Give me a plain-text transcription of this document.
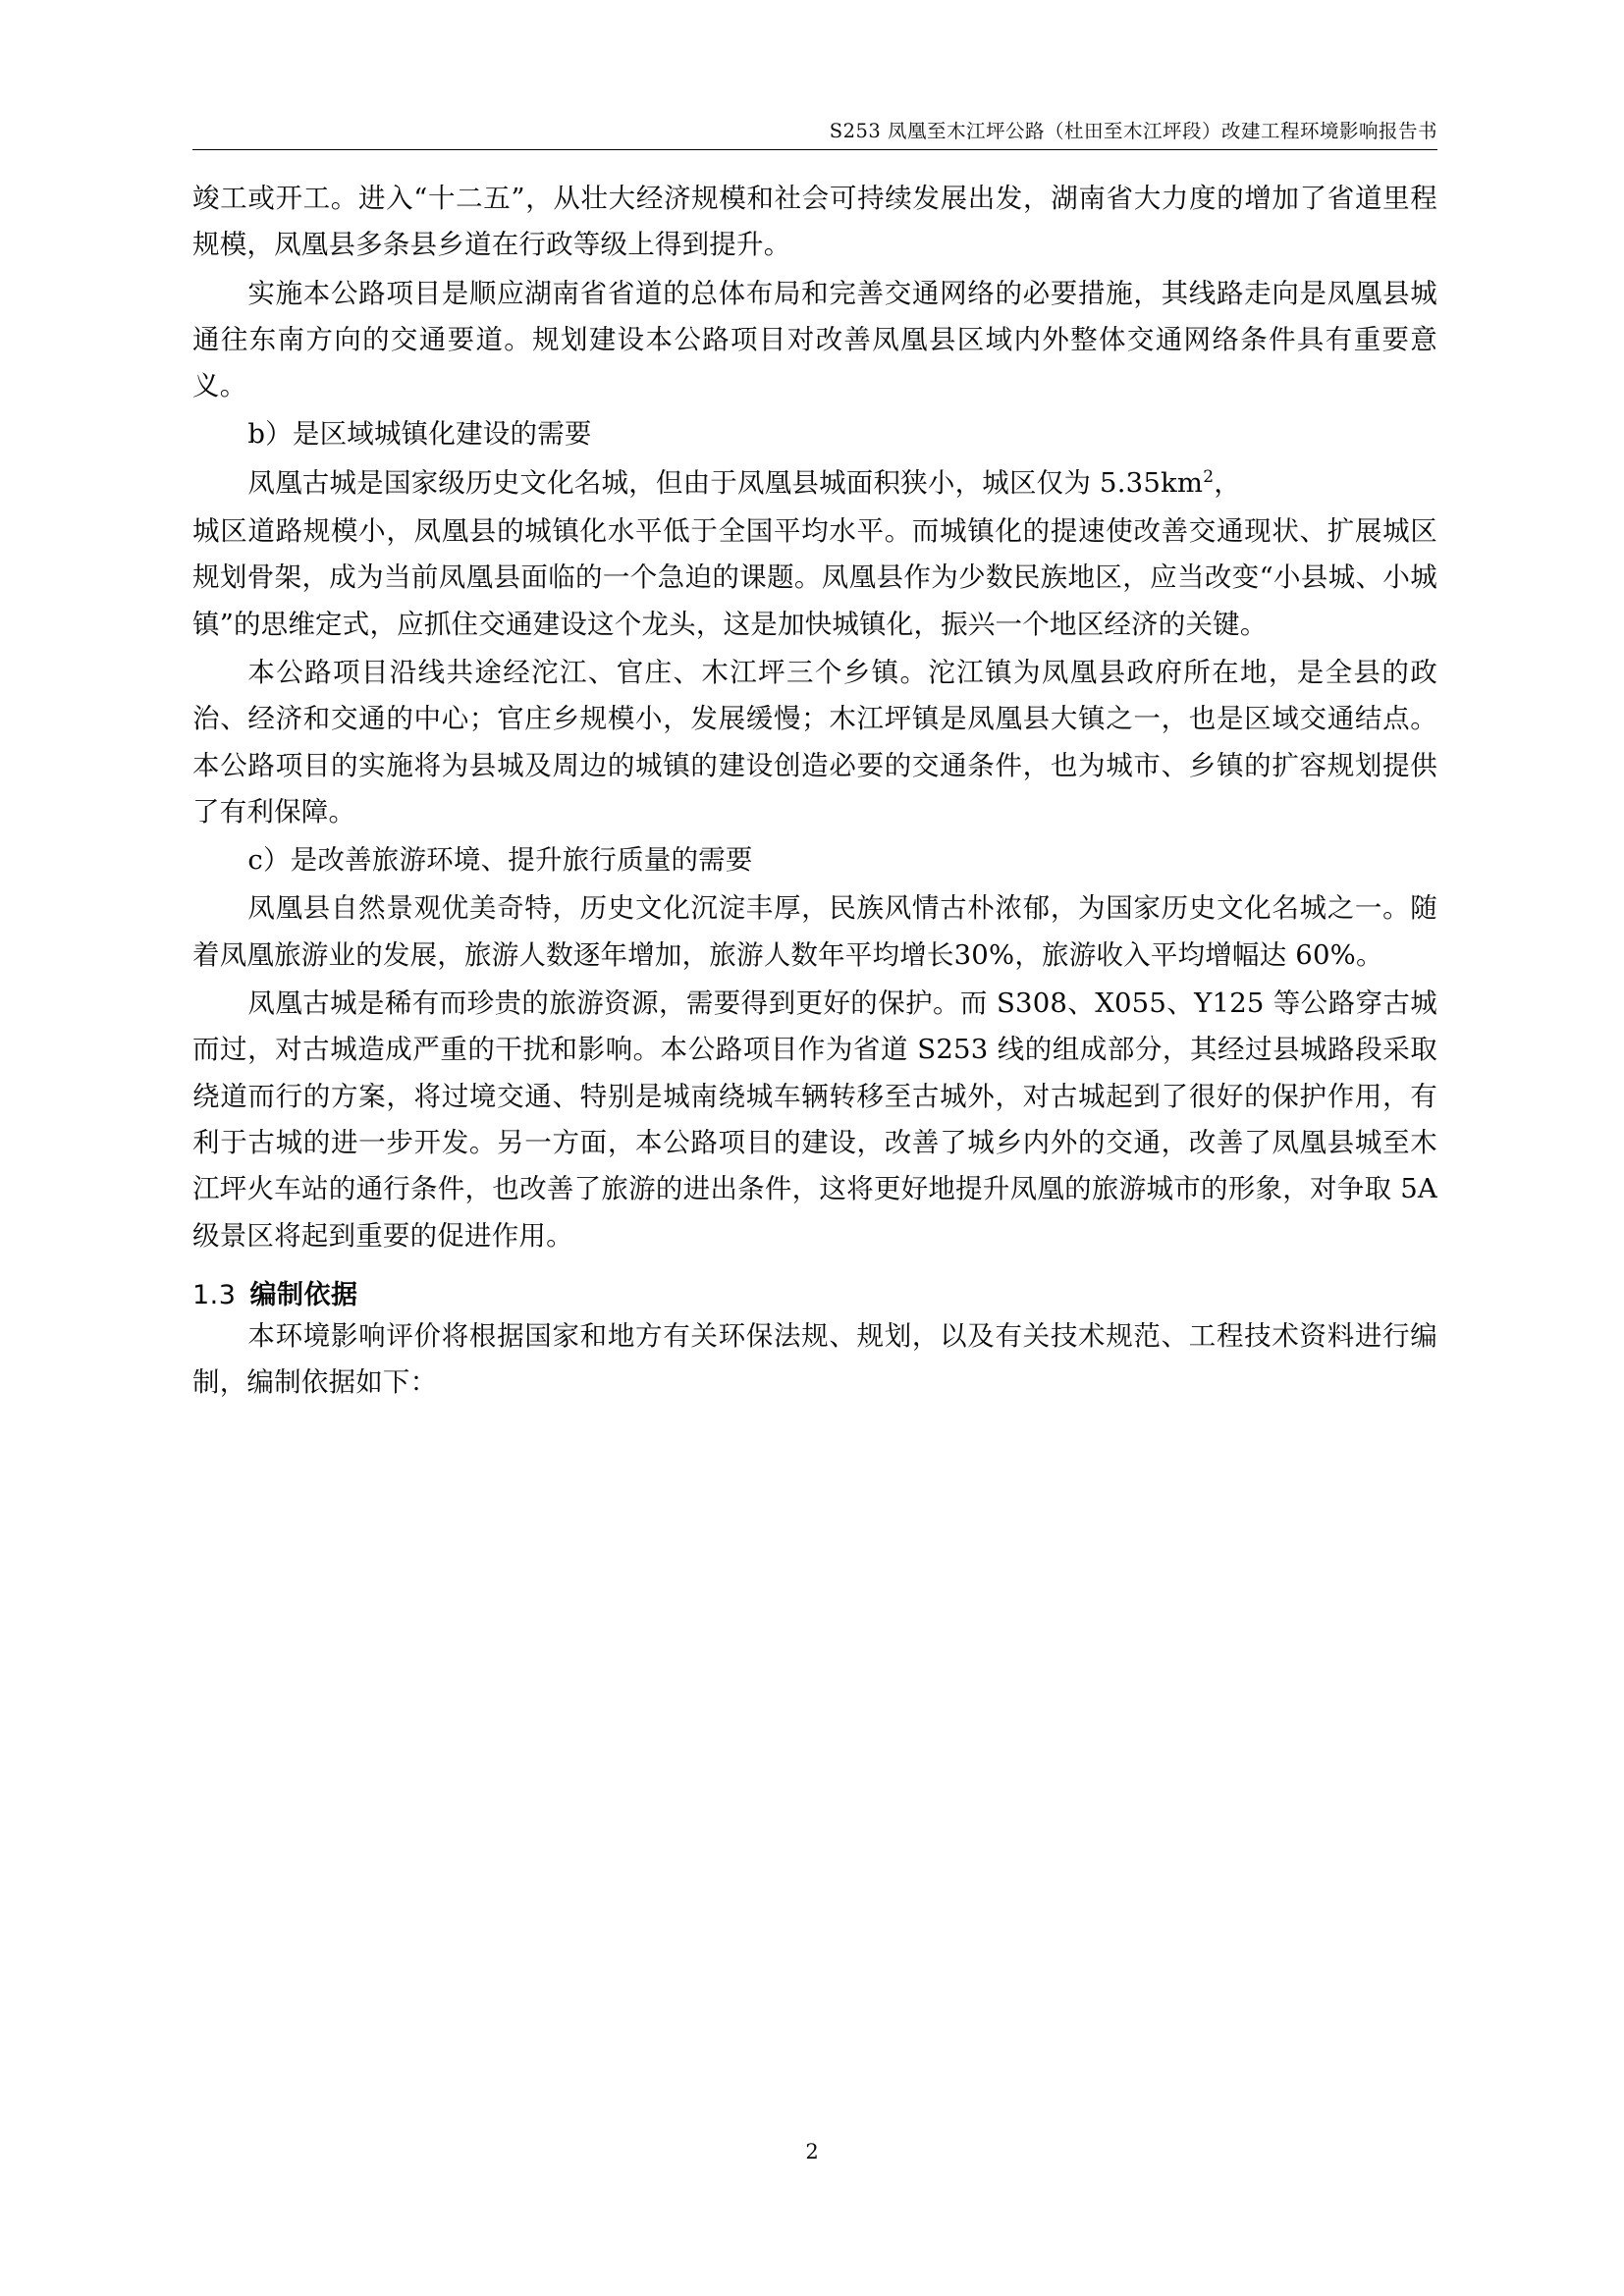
S253 凤凰至木江坪公路（杜田至木江坪段）改建工程环境影响报告书

竣工或开工。进入“十二五”，从壮大经济规模和社会可持续发展出发，湖南省大力度的增加了省道里程规模，凤凰县多条县乡道在行政等级上得到提升。

实施本公路项目是顺应湖南省省道的总体布局和完善交通网络的必要措施，其线路走向是凤凰县城通往东南方向的交通要道。规划建设本公路项目对改善凤凰县区域内外整体交通网络条件具有重要意义。

b）是区域城镇化建设的需要

凤凰古城是国家级历史文化名城，但由于凤凰县城面积狭小，城区仅为 $5.35km^2$，

城区道路规模小，凤凰县的城镇化水平低于全国平均水平。而城镇化的提速使改善交通现状、扩展城区规划骨架，成为当前凤凰县面临的一个急迫的课题。凤凰县作为少数民族地区，应当改变“小县城、小城镇”的思维定式，应抓住交通建设这个龙头，这是加快城镇化，振兴一个地区经济的关键。

本公路项目沿线共途经沱江、官庄、木江坪三个乡镇。沱江镇为凤凰县政府所在地，是全县的政治、经济和交通的中心；官庄乡规模小，发展缓慢；木江坪镇是凤凰县大镇之一，也是区域交通结点。本公路项目的实施将为县城及周边的城镇的建设创造必要的交通条件，也为城市、乡镇的扩容规划提供了有利保障。

c）是改善旅游环境、提升旅行质量的需要

凤凰县自然景观优美奇特，历史文化沉淀丰厚，民族风情古朴浓郁，为国家历史文化名城之一。随着凤凰旅游业的发展，旅游人数逐年增加，旅游人数年平均增长30%，旅游收入平均增幅达 60%。

凤凰古城是稀有而珍贵的旅游资源，需要得到更好的保护。而 S308、X055、Y125 等公路穿古城而过，对古城造成严重的干扰和影响。本公路项目作为省道 S253 线的组成部分，其经过县城路段采取绕道而行的方案，将过境交通、特别是城南绕城车辆转移至古城外，对古城起到了很好的保护作用，有利于古城的进一步开发。另一方面，本公路项目的建设，改善了城乡内外的交通，改善了凤凰县城至木江坪火车站的通行条件，也改善了旅游的进出条件，这将更好地提升凤凰的旅游城市的形象，对争取 5A 级景区将起到重要的促进作用。

1.3 编制依据

本环境影响评价将根据国家和地方有关环保法规、规划，以及有关技术规范、工程技术资料进行编制，编制依据如下：

2
